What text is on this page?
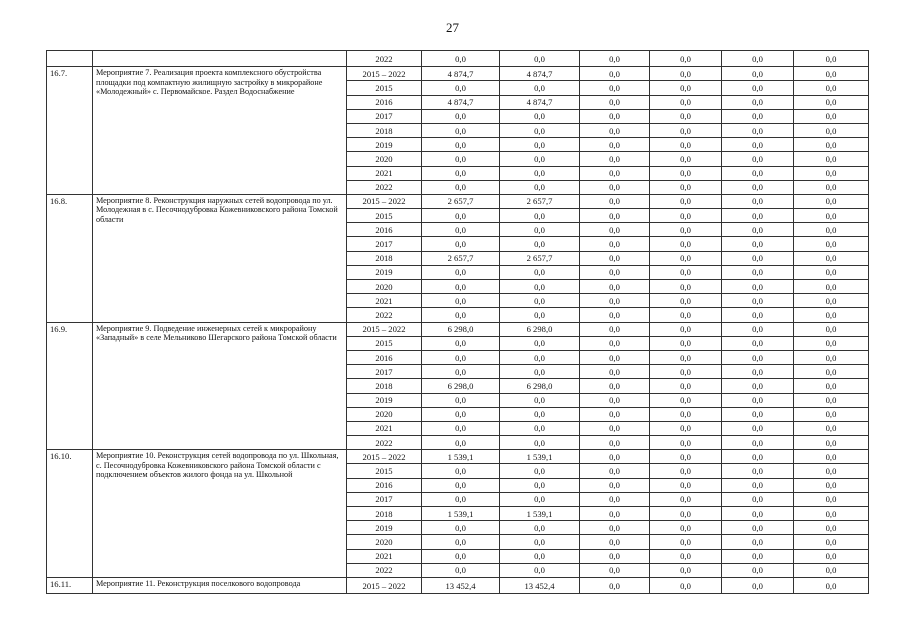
27
		2022	0,0	0,0	0,0	0,0	0,0	0,0	
16.7.	Мероприятие 7. Реализация проекта комплексного обустройства площадки под компактную жилищную застройку в микрорайоне «Молодежный» с. Первомайское. Раздел Водоснабжение	2015 – 2022	4 874,7	4 874,7	0,0	0,0	0,0	0,0	
		2015	0,0	0,0	0,0	0,0	0,0	0,0	
		2016	4 874,7	4 874,7	0,0	0,0	0,0	0,0	
		2017	0,0	0,0	0,0	0,0	0,0	0,0	
		2018	0,0	0,0	0,0	0,0	0,0	0,0	
		2019	0,0	0,0	0,0	0,0	0,0	0,0	
		2020	0,0	0,0	0,0	0,0	0,0	0,0	
		2021	0,0	0,0	0,0	0,0	0,0	0,0	
		2022	0,0	0,0	0,0	0,0	0,0	0,0	
16.8.	Мероприятие 8. Реконструкция наружных сетей водопровода по ул. Молодежная в с. Песочнодубровка Кожевниковского района Томской области	2015 – 2022	2 657,7	2 657,7	0,0	0,0	0,0	0,0	
		2015	0,0	0,0	0,0	0,0	0,0	0,0	
		2016	0,0	0,0	0,0	0,0	0,0	0,0	
		2017	0,0	0,0	0,0	0,0	0,0	0,0	
		2018	2 657,7	2 657,7	0,0	0,0	0,0	0,0	
		2019	0,0	0,0	0,0	0,0	0,0	0,0	
		2020	0,0	0,0	0,0	0,0	0,0	0,0	
		2021	0,0	0,0	0,0	0,0	0,0	0,0	
		2022	0,0	0,0	0,0	0,0	0,0	0,0	
16.9.	Мероприятие 9. Подведение инженерных сетей к микрорайону «Западный» в селе Мельниково Шегарского района Томской области	2015 – 2022	6 298,0	6 298,0	0,0	0,0	0,0	0,0	
		2015	0,0	0,0	0,0	0,0	0,0	0,0	
		2016	0,0	0,0	0,0	0,0	0,0	0,0	
		2017	0,0	0,0	0,0	0,0	0,0	0,0	
		2018	6 298,0	6 298,0	0,0	0,0	0,0	0,0	
		2019	0,0	0,0	0,0	0,0	0,0	0,0	
		2020	0,0	0,0	0,0	0,0	0,0	0,0	
		2021	0,0	0,0	0,0	0,0	0,0	0,0	
		2022	0,0	0,0	0,0	0,0	0,0	0,0	
16.10.	Мероприятие 10. Реконструкция сетей водопровода по ул. Школьная, с. Песочнодубровка Кожевниковского района Томской области с подключением объектов жилого фонда на ул. Школьной	2015 – 2022	1 539,1	1 539,1	0,0	0,0	0,0	0,0	
		2015	0,0	0,0	0,0	0,0	0,0	0,0	
		2016	0,0	0,0	0,0	0,0	0,0	0,0	
		2017	0,0	0,0	0,0	0,0	0,0	0,0	
		2018	1 539,1	1 539,1	0,0	0,0	0,0	0,0	
		2019	0,0	0,0	0,0	0,0	0,0	0,0	
		2020	0,0	0,0	0,0	0,0	0,0	0,0	
		2021	0,0	0,0	0,0	0,0	0,0	0,0	
		2022	0,0	0,0	0,0	0,0	0,0	0,0	
16.11.	Мероприятие 11. Реконструкция поселкового водопровода	2015 – 2022	13 452,4	13 452,4	0,0	0,0	0,0	0,0	
